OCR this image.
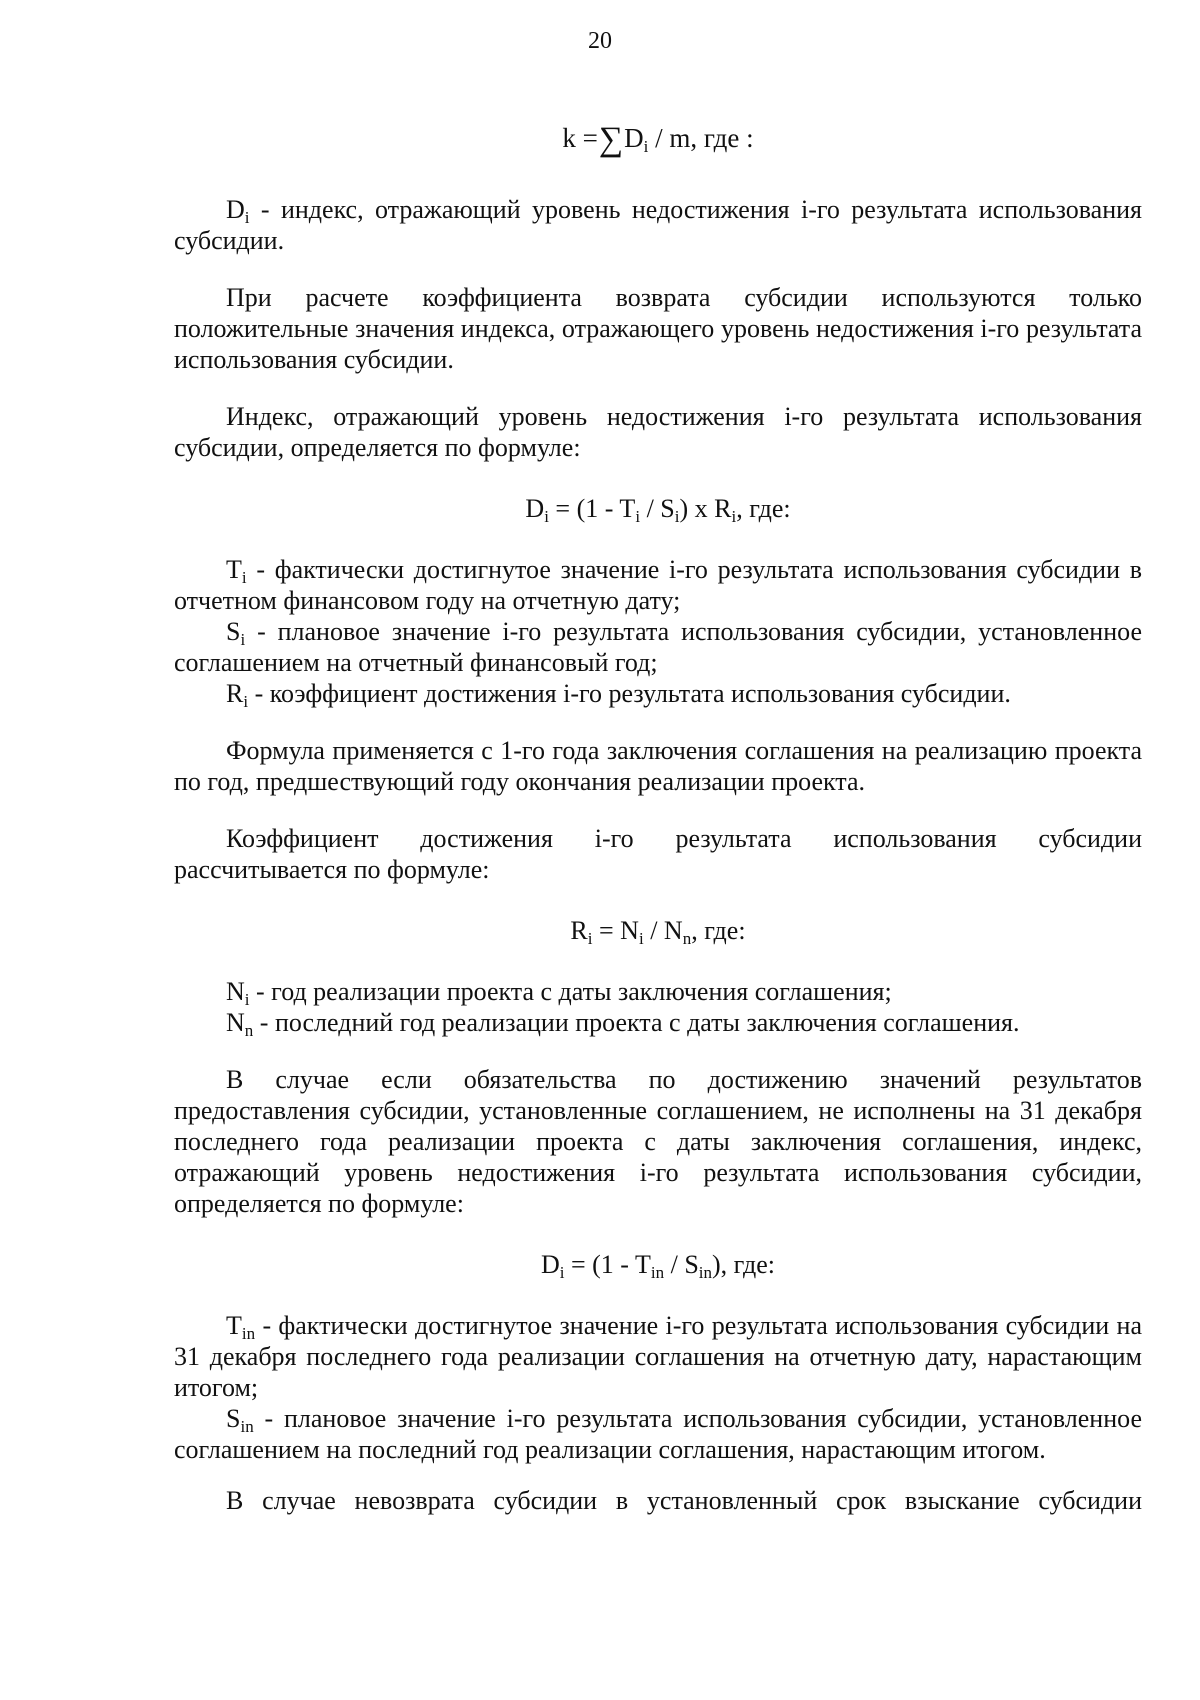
20

$k =\sum D_i / m$, где :

$D_i$ - индекс, отражающий уровень недостижения i-го результата использования субсидии.

При расчете коэффициента возврата субсидии используются только положительные значения индекса, отражающего уровень недостижения i-го результата использования субсидии.

Индекс, отражающий уровень недостижения i-го результата использования субсидии, определяется по формуле:

$D_i = (1 - T_i / S_i)$ x $R_i$, где:

$T_i$ - фактически достигнутое значение i-го результата использования субсидии в отчетном финансовом году на отчетную дату;

$S_i$ - плановое значение i-го результата использования субсидии, установленное соглашением на отчетный финансовый год;

$R_i$ - коэффициент достижения i-го результата использования субсидии.

Формула применяется с 1-го года заключения соглашения на реализацию проекта по год, предшествующий году окончания реализации проекта.

Коэффициент достижения i-го результата использования субсидии рассчитывается по формуле:

$R_i = N_i / N_n$, где:

$N_i$ - год реализации проекта с даты заключения соглашения;

$N_n$ - последний год реализации проекта с даты заключения соглашения.

В случае если обязательства по достижению значений результатов предоставления субсидии, установленные соглашением, не исполнены на 31 декабря последнего года реализации проекта с даты заключения соглашения, индекс, отражающий уровень недостижения i-го результата использования субсидии, определяется по формуле:

$D_i = (1 - T_{in} / S_{in})$, где:

$T_{in}$ - фактически достигнутое значение i-го результата использования субсидии на 31 декабря последнего года реализации соглашения на отчетную дату, нарастающим итогом;

$S_{in}$ - плановое значение i-го результата использования субсидии, установленное соглашением на последний год реализации соглашения, нарастающим итогом.

В случае невозврата субсидии в установленный срок взыскание субсидии
